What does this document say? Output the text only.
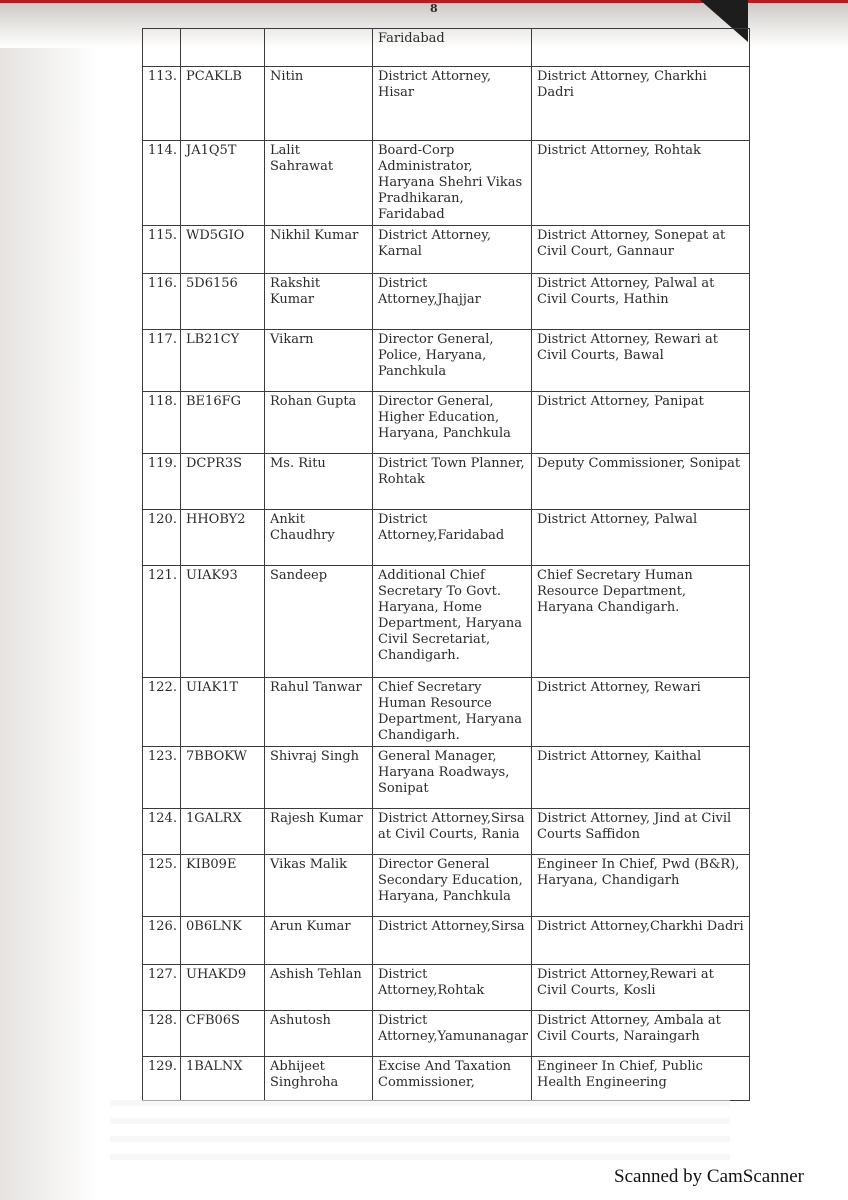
8
			Faridabad	
113.	PCAKLB	Nitin	District Attorney, Hisar	District Attorney, Charkhi Dadri
114.	JA1Q5T	Lalit Sahrawat	Board-Corp Administrator, Haryana Shehri Vikas Pradhikaran, Faridabad	District Attorney, Rohtak
115.	WD5GIO	Nikhil Kumar	District Attorney, Karnal	District Attorney, Sonepat at Civil Court, Gannaur
116.	5D6156	Rakshit Kumar	District Attorney,Jhajjar	District Attorney, Palwal at Civil Courts, Hathin
117.	LB21CY	Vikarn	Director General, Police, Haryana, Panchkula	District Attorney, Rewari at Civil Courts, Bawal
118.	BE16FG	Rohan Gupta	Director General, Higher Education, Haryana, Panchkula	District Attorney, Panipat
119.	DCPR3S	Ms. Ritu	District Town Planner, Rohtak	Deputy Commissioner, Sonipat
120.	HHOBY2	Ankit Chaudhry	District Attorney,Faridabad	District Attorney, Palwal
121.	UIAK93	Sandeep	Additional Chief Secretary To Govt. Haryana, Home Department, Haryana Civil Secretariat, Chandigarh.	Chief Secretary Human Resource Department, Haryana Chandigarh.
122.	UIAK1T	Rahul Tanwar	Chief Secretary Human Resource Department, Haryana Chandigarh.	District Attorney, Rewari
123.	7BBOKW	Shivraj Singh	General Manager, Haryana Roadways, Sonipat	District Attorney, Kaithal
124.	1GALRX	Rajesh Kumar	District Attorney,Sirsa at Civil Courts, Rania	District Attorney, Jind at Civil Courts Saffidon
125.	KIB09E	Vikas Malik	Director General Secondary Education, Haryana, Panchkula	Engineer In Chief, Pwd (B&R), Haryana, Chandigarh
126.	0B6LNK	Arun Kumar	District Attorney,Sirsa	District Attorney,Charkhi Dadri
127.	UHAKD9	Ashish Tehlan	District Attorney,Rohtak	District Attorney,Rewari at Civil Courts, Kosli
128.	CFB06S	Ashutosh	District Attorney,Yamunanagar	District Attorney, Ambala at Civil Courts, Naraingarh
129.	1BALNX	Abhijeet Singhroha	Excise And Taxation Commissioner,	Engineer In Chief, Public Health Engineering
Scanned by CamScanner
